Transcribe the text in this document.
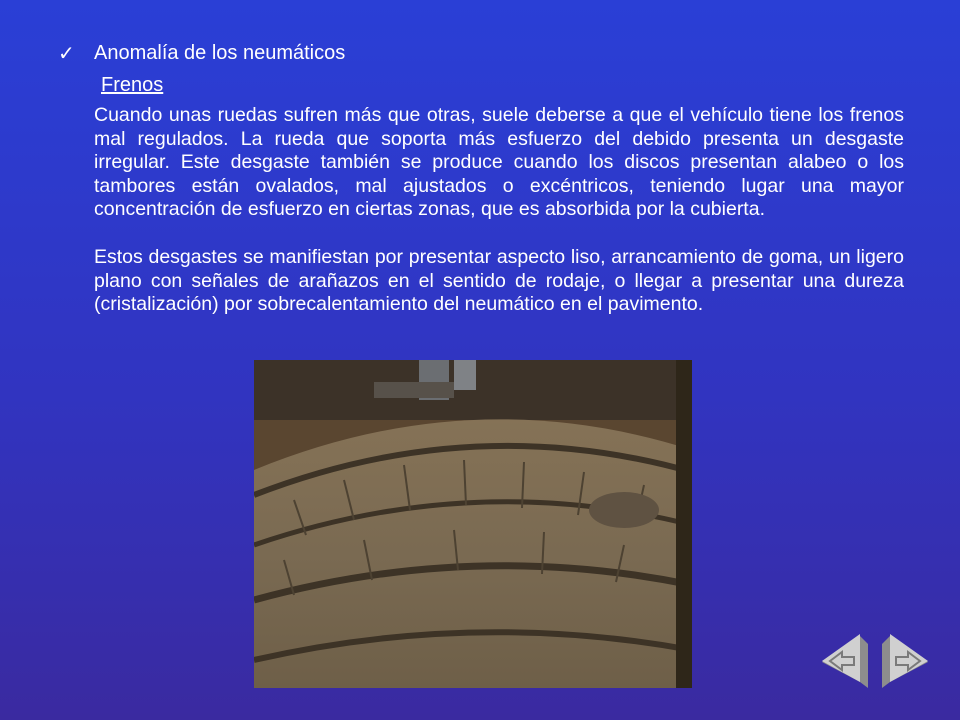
✓ Anomalía de los neumáticos
Frenos

Cuando unas ruedas sufren más que otras, suele deberse a que el vehículo tiene los frenos mal regulados. La rueda que soporta más esfuerzo del debido presenta un desgaste irregular. Este desgaste también se produce cuando los discos presentan alabeo o los tambores están ovalados, mal ajustados o excéntricos, teniendo lugar una mayor concentración de esfuerzo en ciertas zonas, que es absorbida por la cubierta.

Estos desgastes se manifiestan por presentar aspecto liso, arrancamiento de goma, un ligero plano con señales de arañazos en el sentido de rodaje, o llegar a presentar una dureza (cristalización) por sobrecalentamiento del neumático en el pavimento.
